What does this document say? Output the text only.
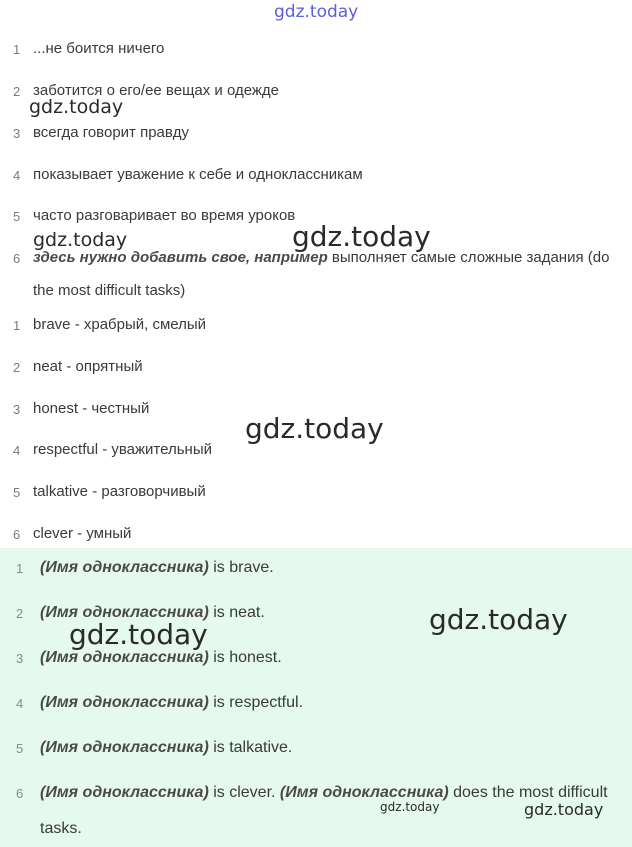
1 ...не боится ничего
2 заботится о его/ее вещах и одежде
3 всегда говорит правду
4 показывает уважение к себе и одноклассникам
5 часто разговаривает во время уроков
6 здесь нужно добавить свое, например выполняет самые сложные задания (do the most difficult tasks)
1 brave - храбрый, смелый
2 neat - опрятный
3 honest - честный
4 respectful - уважительный
5 talkative - разговорчивый
6 clever - умный
1 (Имя одноклассника) is brave.
2 (Имя одноклассника) is neat.
3 (Имя одноклассника) is honest.
4 (Имя одноклассника) is respectful.
5 (Имя одноклассника) is talkative.
6 (Имя одноклассника) is clever. (Имя одноклассника) does the most difficult tasks.
gdz.today
gdz.today
gdz.today	gdz.today
gdz.today
gdz.today
gdz.today
gdz.today	gdz.today
